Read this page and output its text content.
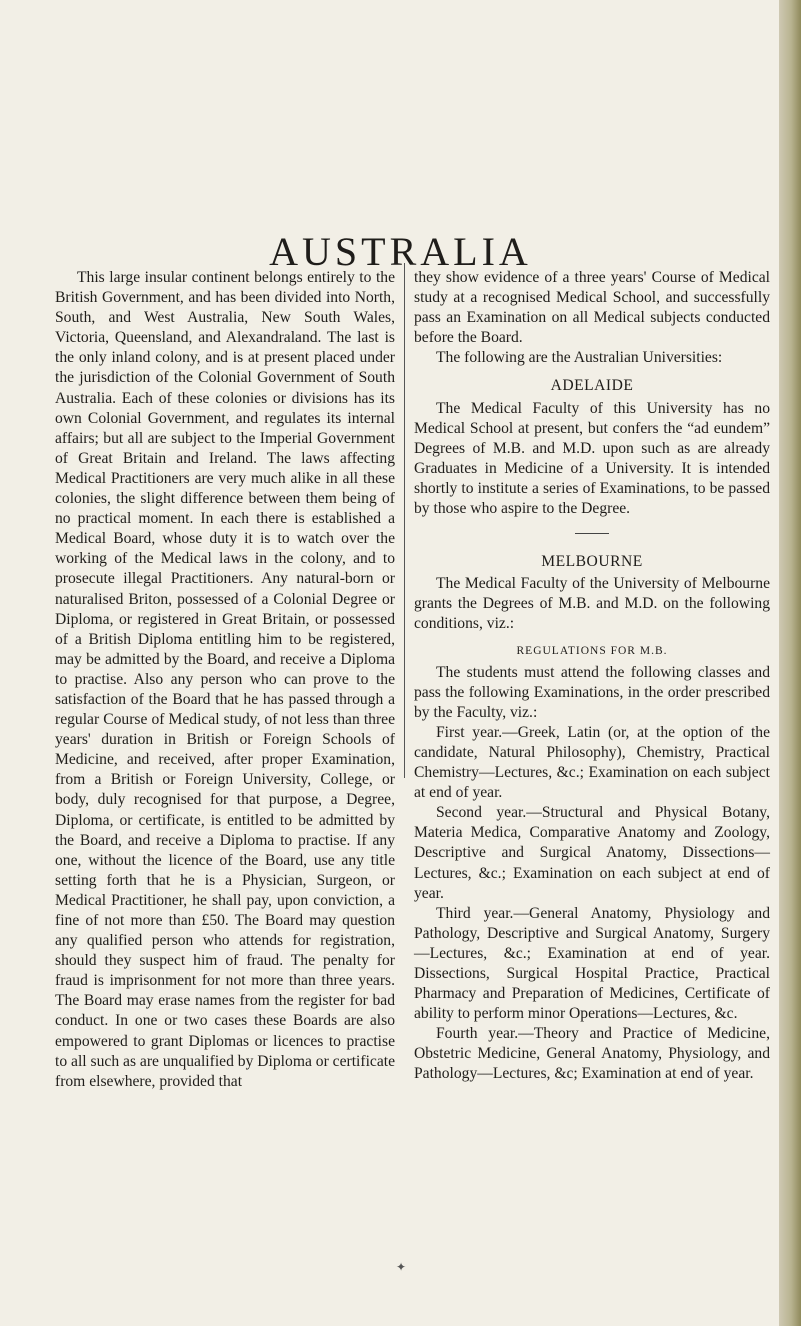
AUSTRALIA

This large insular continent belongs entirely to the British Government, and has been divided into North, South, and West Australia, New South Wales, Victoria, Queensland, and Alexandraland. The last is the only inland colony, and is at present placed under the jurisdiction of the Colonial Government of South Australia. Each of these colonies or divisions has its own Colonial Government, and regulates its internal affairs; but all are subject to the Imperial Government of Great Britain and Ireland. The laws affecting Medical Practitioners are very much alike in all these colonies, the slight difference between them being of no practical moment. In each there is established a Medical Board, whose duty it is to watch over the working of the Medical laws in the colony, and to prosecute illegal Practitioners. Any natural-born or naturalised Briton, possessed of a Colonial Degree or Diploma, or registered in Great Britain, or possessed of a British Diploma entitling him to be registered, may be admitted by the Board, and receive a Diploma to practise. Also any person who can prove to the satisfaction of the Board that he has passed through a regular Course of Medical study, of not less than three years' duration in British or Foreign Schools of Medicine, and received, after proper Examination, from a British or Foreign University, College, or body, duly recognised for that purpose, a Degree, Diploma, or certificate, is entitled to be admitted by the Board, and receive a Diploma to practise. If any one, without the licence of the Board, use any title setting forth that he is a Physician, Surgeon, or Medical Practitioner, he shall pay, upon conviction, a fine of not more than £50. The Board may question any qualified person who attends for registration, should they suspect him of fraud. The penalty for fraud is imprisonment for not more than three years. The Board may erase names from the register for bad conduct. In one or two cases these Boards are also empowered to grant Diplomas or licences to practise to all such as are unqualified by Diploma or certificate from elsewhere, provided that

they show evidence of a three years' Course of Medical study at a recognised Medical School, and successfully pass an Examination on all Medical subjects conducted before the Board.

The following are the Australian Universities:

ADELAIDE

The Medical Faculty of this University has no Medical School at present, but confers the “ad eundem” Degrees of M.B. and M.D. upon such as are already Graduates in Medicine of a University. It is intended shortly to institute a series of Examinations, to be passed by those who aspire to the Degree.

MELBOURNE

The Medical Faculty of the University of Melbourne grants the Degrees of M.B. and M.D. on the following conditions, viz.:

REGULATIONS FOR M.B.

The students must attend the following classes and pass the following Examinations, in the order prescribed by the Faculty, viz.:

First year.—Greek, Latin (or, at the option of the candidate, Natural Philosophy), Chemistry, Practical Chemistry—Lectures, &c.; Examination on each subject at end of year.

Second year.—Structural and Physical Botany, Materia Medica, Comparative Anatomy and Zoology, Descriptive and Surgical Anatomy, Dissections—Lectures, &c.; Examination on each subject at end of year.

Third year.—General Anatomy, Physiology and Pathology, Descriptive and Surgical Anatomy, Surgery—Lectures, &c.; Examination at end of year. Dissections, Surgical Hospital Practice, Practical Pharmacy and Preparation of Medicines, Certificate of ability to perform minor Operations—Lectures, &c.

Fourth year.—Theory and Practice of Medicine, Obstetric Medicine, General Anatomy, Physiology, and Pathology—Lectures, &c; Examination at end of year.

✦
